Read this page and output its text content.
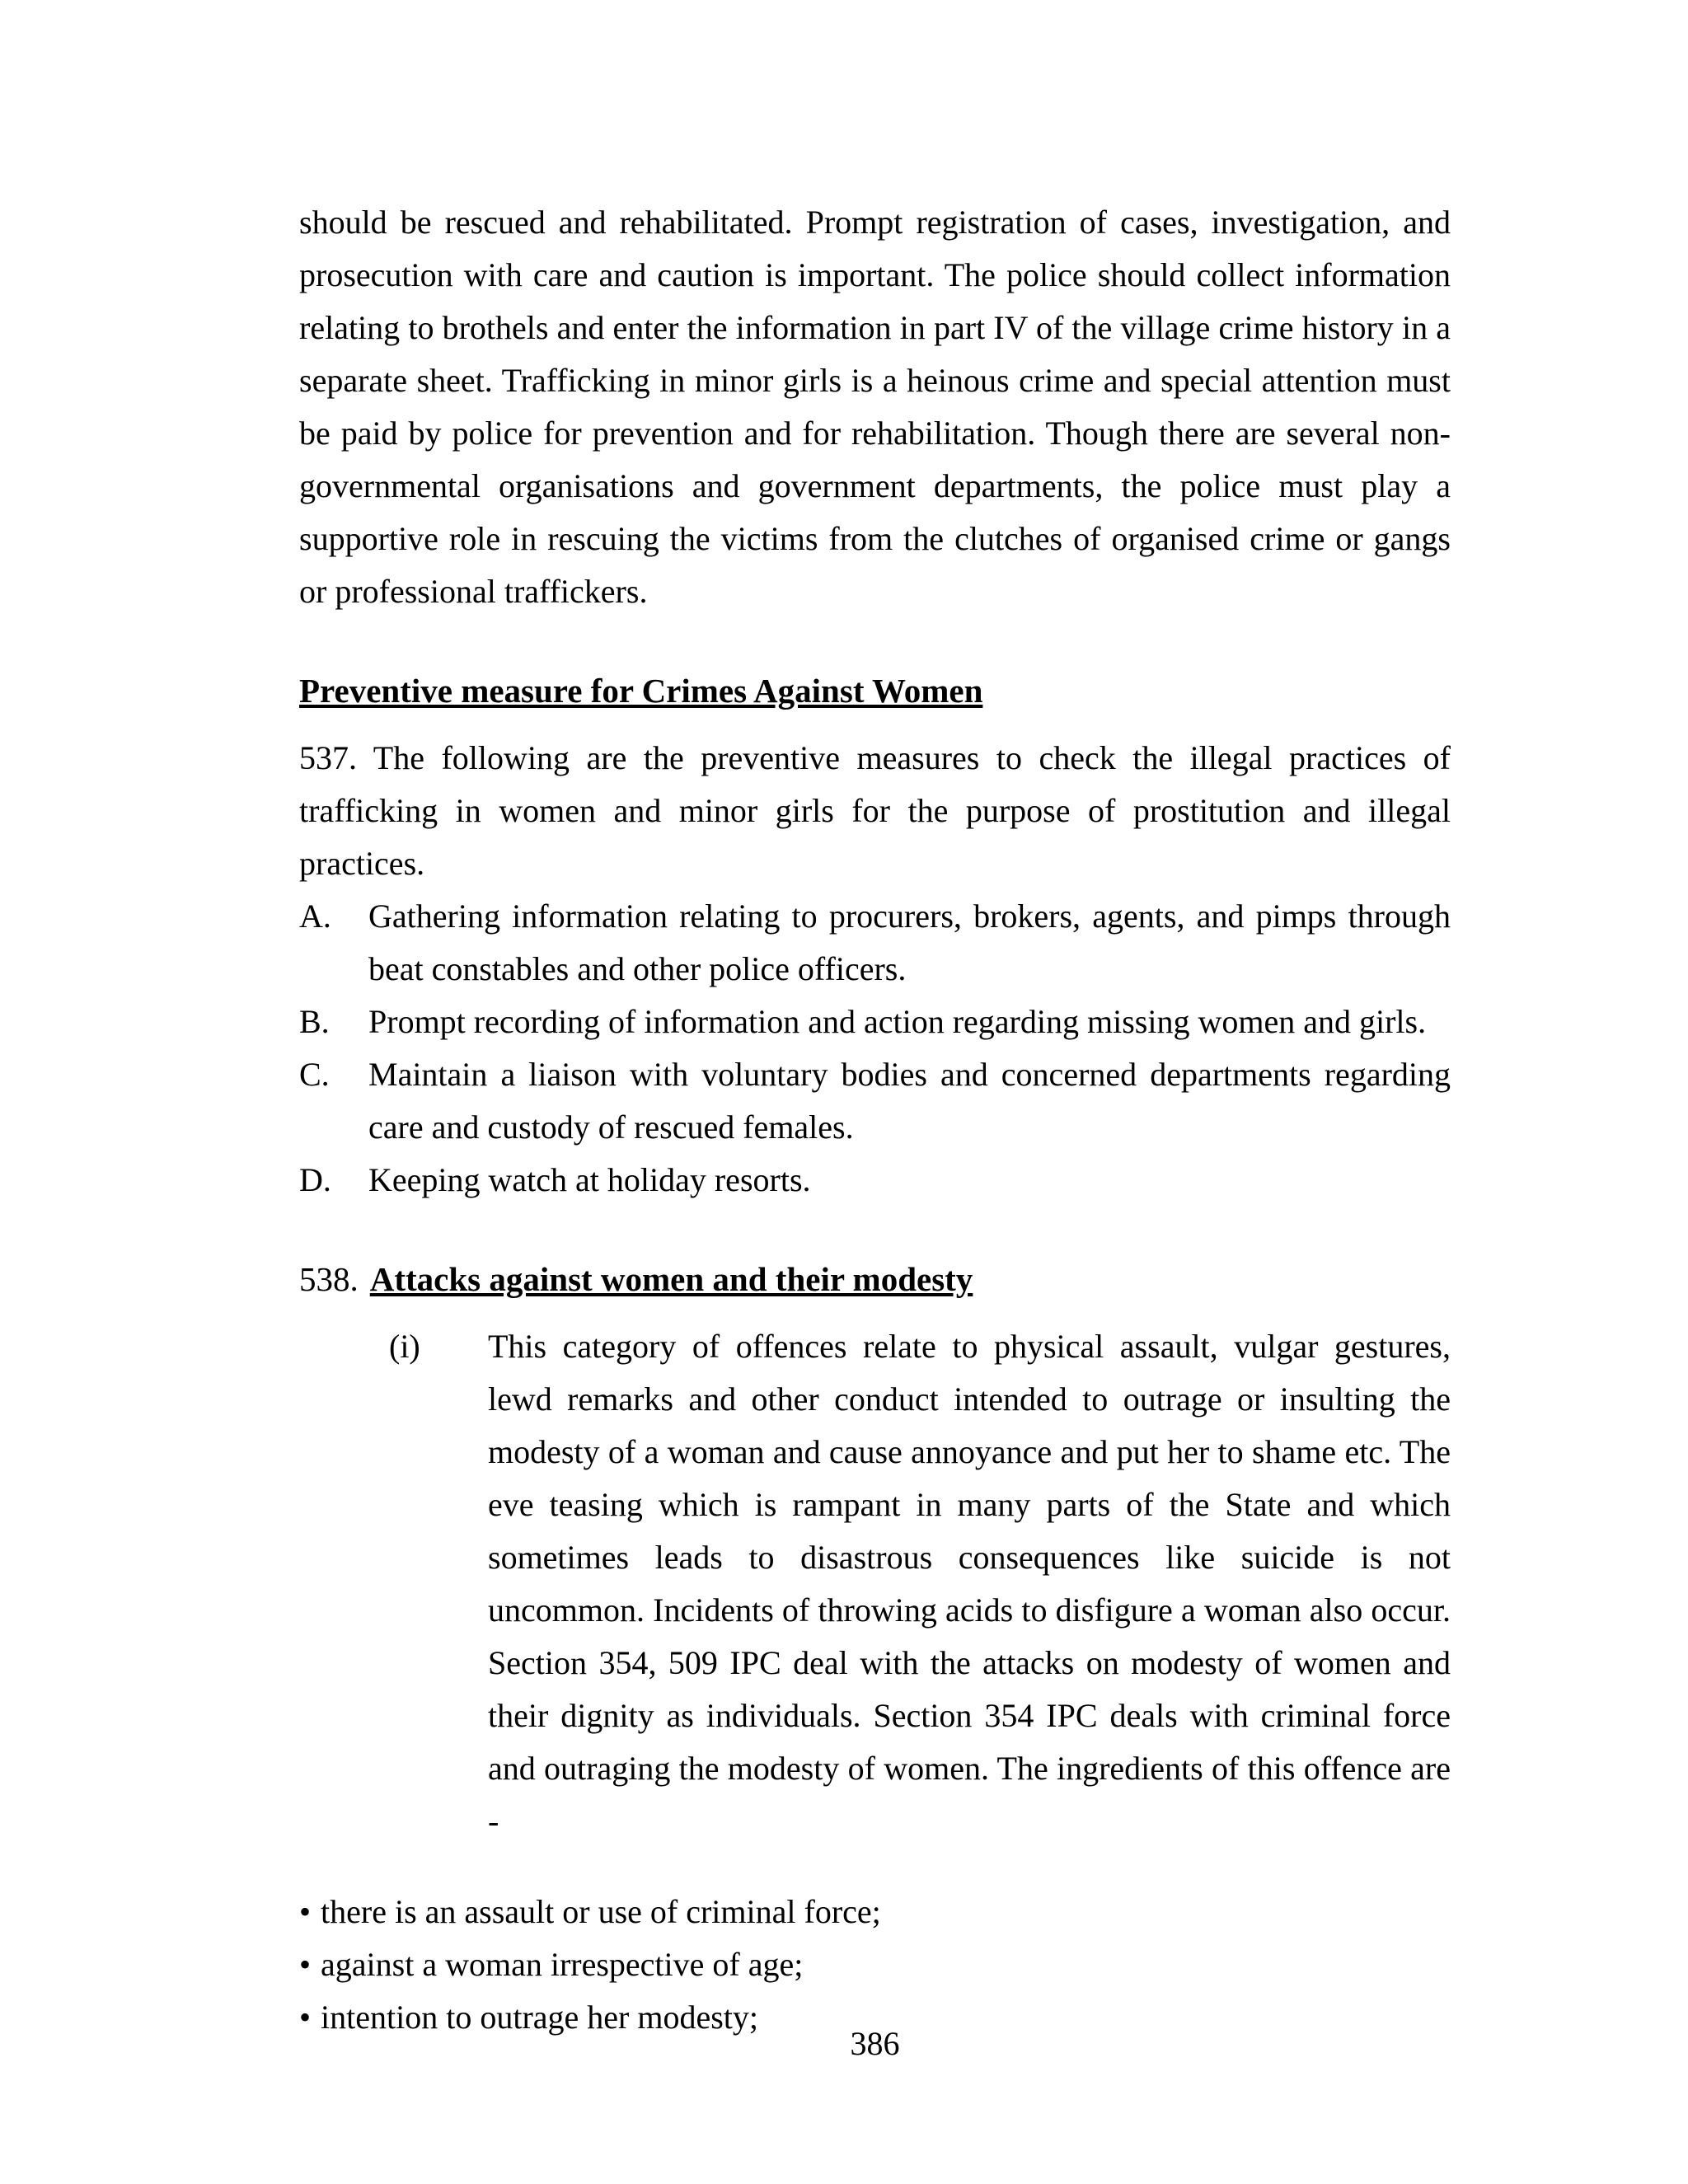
should be rescued and rehabilitated. Prompt registration of cases, investigation, and prosecution with care and caution is important. The police should collect information relating to brothels and enter the information in part IV of the village crime history in a separate sheet. Trafficking in minor girls is a heinous crime and special attention must be paid by police for prevention and for rehabilitation. Though there are several non-governmental organisations and government departments, the police must play a supportive role in rescuing the victims from the clutches of organised crime or gangs or professional traffickers.

Preventive measure for Crimes Against Women

537. The following are the preventive measures to check the illegal practices of trafficking in women and minor girls for the purpose of prostitution and illegal practices.

A.	Gathering information relating to procurers, brokers, agents, and pimps through beat constables and other police officers.
B.	Prompt recording of information and action regarding missing women and girls.
C.	Maintain a liaison with voluntary bodies and concerned departments regarding care and custody of rescued females.
D.	Keeping watch at holiday resorts.
538. Attacks against women and their modesty
(i)	This category of offences relate to physical assault, vulgar gestures, lewd remarks and other conduct intended to outrage or insulting the modesty of a woman and cause annoyance and put her to shame etc. The eve teasing which is rampant in many parts of the State and which sometimes leads to disastrous consequences like suicide is not uncommon. Incidents of throwing acids to disfigure a woman also occur. Section 354, 509 IPC deal with the attacks on modesty of women and their dignity as individuals. Section 354 IPC deals with criminal force and outraging the modesty of women. The ingredients of this offence are -
• there is an assault or use of criminal force;
• against a woman irrespective of age;
• intention to outrage her modesty;
386
